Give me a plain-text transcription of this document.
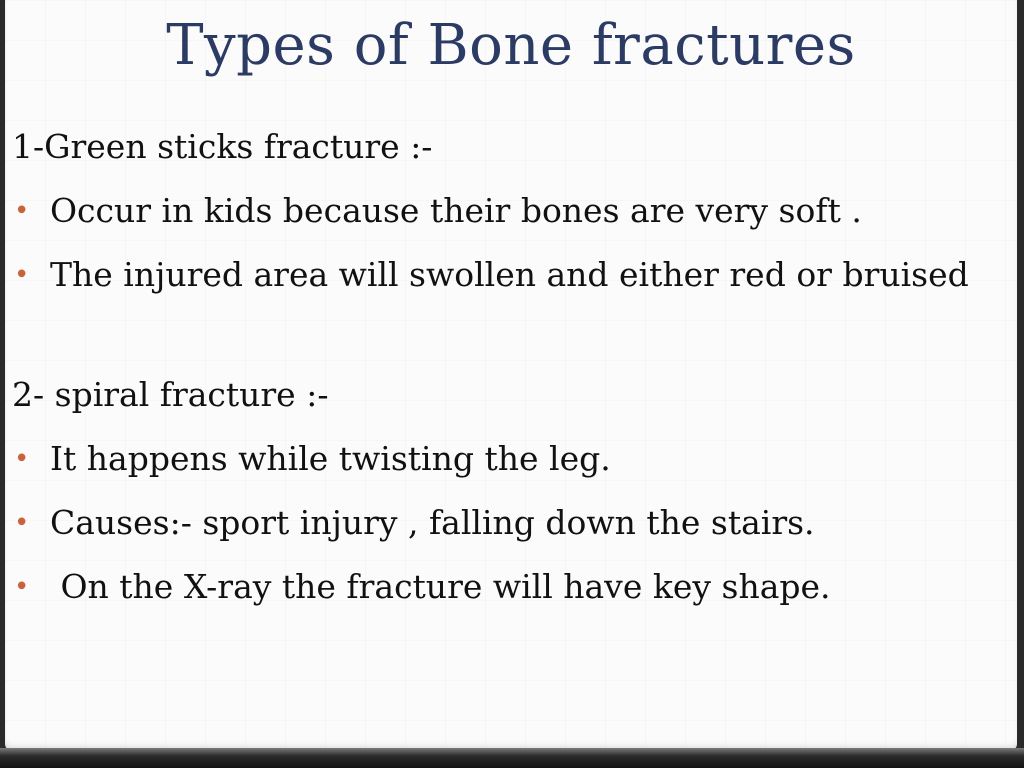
Types of Bone fractures

1-Green sticks fracture :-

• Occur in kids because their bones are very soft .
• The injured area will swollen and either red or bruised

2- spiral fracture :-

• It happens while twisting the leg.
• Causes:- sport injury , falling down the stairs.
• On the X-ray the fracture will have key shape.
